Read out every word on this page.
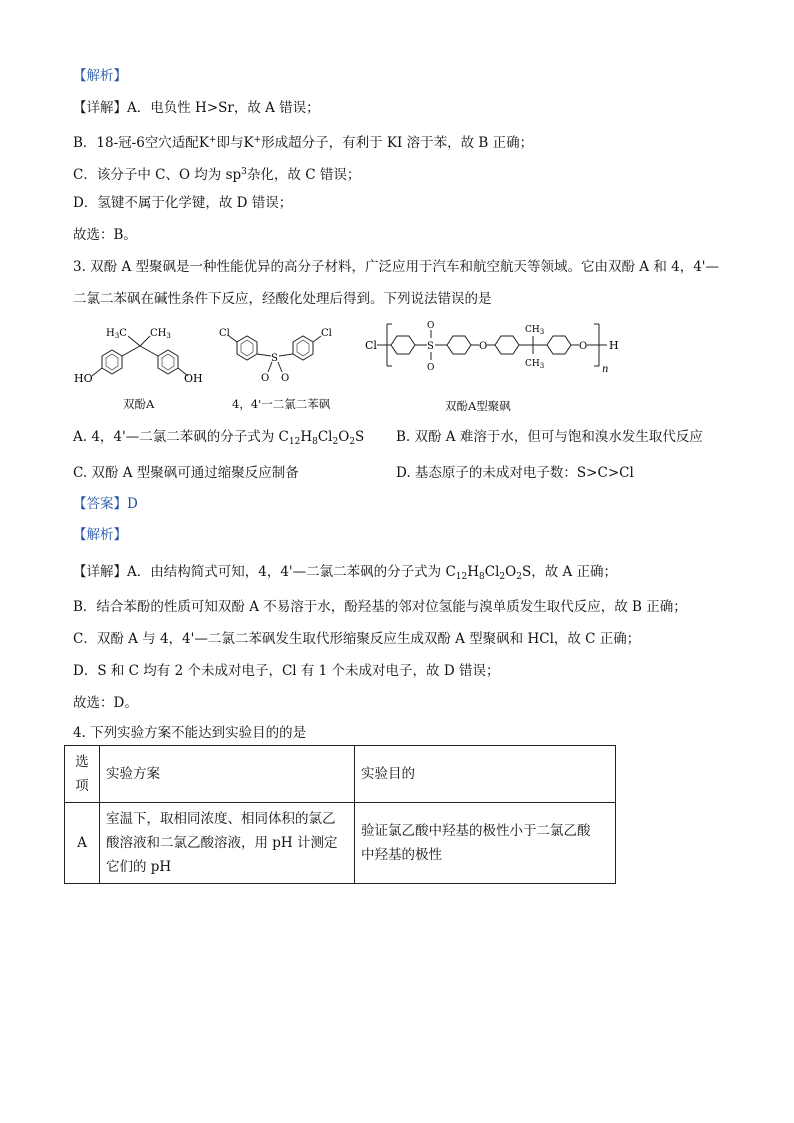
【解析】
【详解】A．电负性 H>Sr，故 A 错误；
B．18-冠-6空穴适配K+即与K+形成超分子，有利于 KI 溶于苯，故 B 正确；
C．该分子中 C、O 均为 $sp^3$杂化，故 C 错误；
D．氢键不属于化学键，故 D 错误；
故选：B。
3. 双酚 A 型聚砜是一种性能优异的高分子材料，广泛应用于汽车和航空航天等领域。它由双酚 A 和 4，4'—
二氯二苯砜在碱性条件下反应，经酸化处理后得到。下列说法错误的是
$H_3C$ $CH_3$
HO	OH
双酚A
Cl	Cl
S
O O
4，4'一二氯二苯砜
Cl	S
O
O
O	O
$CH_3$
$CH_3$
H
n
双酚A型聚砜
A. 4，4'—二氯二苯砜的分子式为 $C_{12}H_8Cl_2O_2S$ B. 双酚 A 难溶于水，但可与饱和溴水发生取代反应
C. 双酚 A 型聚砜可通过缩聚反应制备	D. 基态原子的未成对电子数：S>C>Cl
【答案】D
【解析】
【详解】A．由结构简式可知，4，4'—二氯二苯砜的分子式为 $C_{12}H_8Cl_2O_2S$，故 A 正确；
B．结合苯酚的性质可知双酚 A 不易溶于水，酚羟基的邻对位氢能与溴单质发生取代反应，故 B 正确；
C．双酚 A 与 4，4'—二氯二苯砜发生取代形缩聚反应生成双酚 A 型聚砜和 HCl，故 C 正确；
D．S 和 C 均有 2 个未成对电子，Cl 有 1 个未成对电子，故 D 错误；
故选：D。
4. 下列实验方案不能达到实验目的的是
选
项	实验方案	实验目的
A	室温下，取相同浓度、相同体积的氯乙
酸溶液和二氯乙酸溶液，用 pH 计测定
它们的 pH	验证氯乙酸中羟基的极性小于二氯乙酸
中羟基的极性
